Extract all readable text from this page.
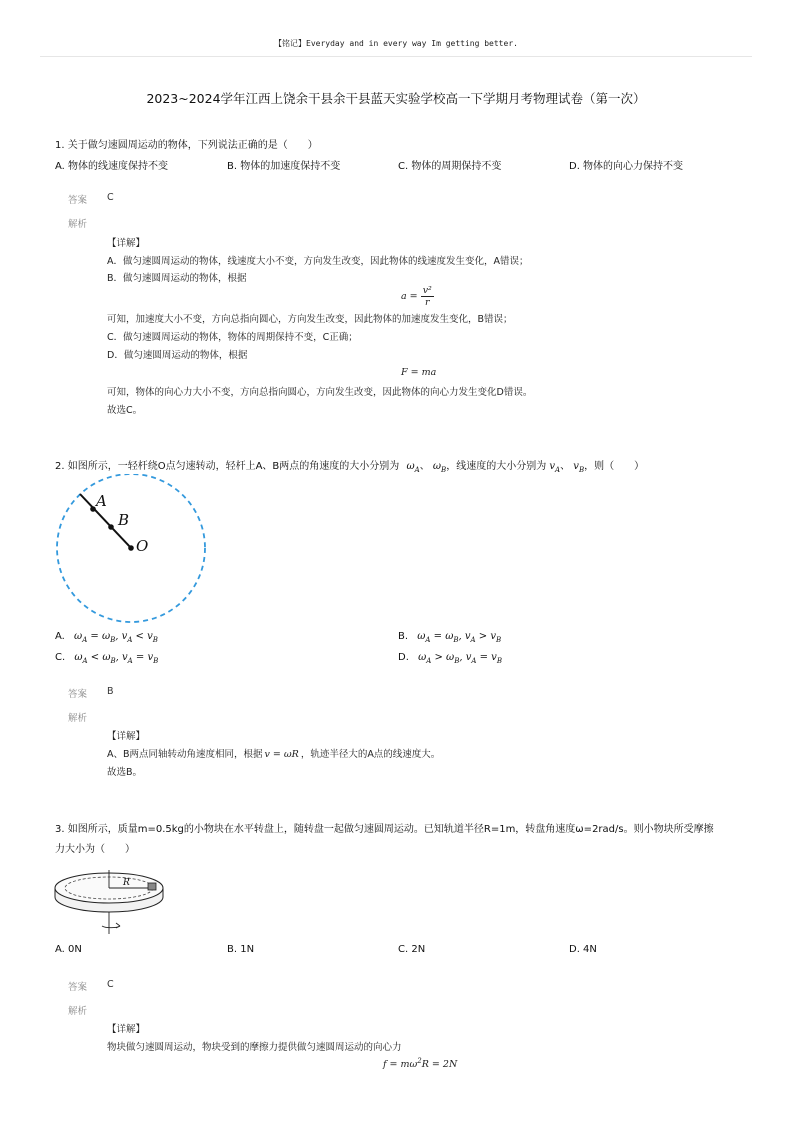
【铭记】Everyday and in every way Im getting better.
2023~2024学年江西上饶余干县余干县蓝天实验学校高一下学期月考物理试卷（第一次）
1. 关于做匀速圆周运动的物体，下列说法正确的是（　　）
A. 物体的线速度保持不变	B. 物体的加速度保持不变	C. 物体的周期保持不变	D. 物体的向心力保持不变
答案 C
解析
【详解】
A．做匀速圆周运动的物体，线速度大小不变，方向发生改变，因此物体的线速度发生变化，A错误；
B．做匀速圆周运动的物体，根据
$a = \frac{\text{v²}}{r}$
可知，加速度大小不变，方向总指向圆心，方向发生改变，因此物体的加速度发生变化，B错误；
C．做匀速圆周运动的物体，物体的周期保持不变，C正确；
D．做匀速圆周运动的物体，根据
F = ma
可知，物体的向心力大小不变，方向总指向圆心，方向发生改变，因此物体的向心力发生变化D错误。
故选C。
2. 如图所示，一轻杆绕O点匀速转动，轻杆上A、B两点的角速度的大小分别为 $\omega_A$、 $\omega_B$，线速度的大小分别为 $v_A$、 $v_B$，则（　　）
A
B
O
A. $\omega_A = \omega_B$, $v_A < v_B$	B. $\omega_A = \omega_B$, $v_A > v_B$
C. $\omega_A < \omega_B$, $v_A = v_B$	D. $\omega_A > \omega_B$, $v_A = v_B$
答案 B
解析
【详解】
A、B两点同轴转动角速度相同，根据 v = ωR ，轨迹半径大的A点的线速度大。
故选B。
3. 如图所示，质量m=0.5kg的小物块在水平转盘上，随转盘一起做匀速圆周运动。已知轨道半径R=1m，转盘角速度ω=2rad/s。则小物块所受摩擦
力大小为（　　）
R
A. 0N	B. 1N	C. 2N	D. 4N
答案 C
解析
【详解】
物块做匀速圆周运动，物块受到的摩擦力提供做匀速圆周运动的向心力
$f = m\omega^2R = 2N$
